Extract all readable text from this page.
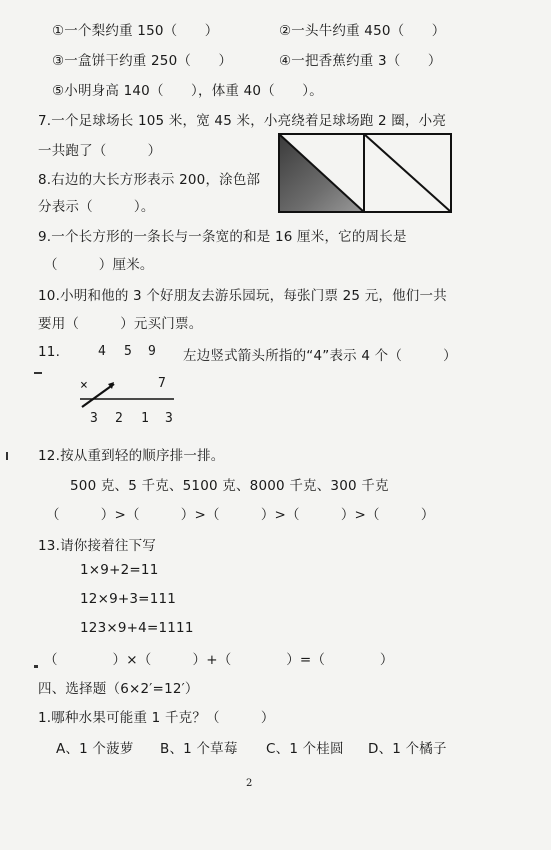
①一个梨约重 150（　　）	②一头牛约重 450（　　）
③一盒饼干约重 250（　　）	④一把香蕉约重 3（　　）
⑤小明身高 140（　　），体重 40（　　）。
7.一个足球场长 105 米，宽 45 米，小亮绕着足球场跑 2 圈，小亮
一共跑了（　　　）
8.右边的大长方形表示 200，涂色部
分表示（　　　）。
9.一个长方形的一条长与一条宽的和是 16 厘米，它的周长是
（　　　）厘米。
10.小明和他的 3 个好朋友去游乐园玩，每张门票 25 元，他们一共
要用（　　　）元买门票。
11.	4 5 9 左边竖式箭头所指的“4”表示 4 个（　　　）
×	7
3 2 1 3
12.按从重到轻的顺序排一排。
500 克、5 千克、5100 克、8000 千克、300 千克
（　　　）>（　　　）>（　　　）>（　　　）>（　　　）
13.请你接着往下写
1×9+2=11
12×9+3=111
123×9+4=1111
（　　　　）×（　　　）+（　　　　）=（　　　　）
四、选择题（6×2′=12′）
1.哪种水果可能重 1 千克？（　　　）
A、1 个菠萝 B、1 个草莓 C、1 个桂圆 D、1 个橘子
2
